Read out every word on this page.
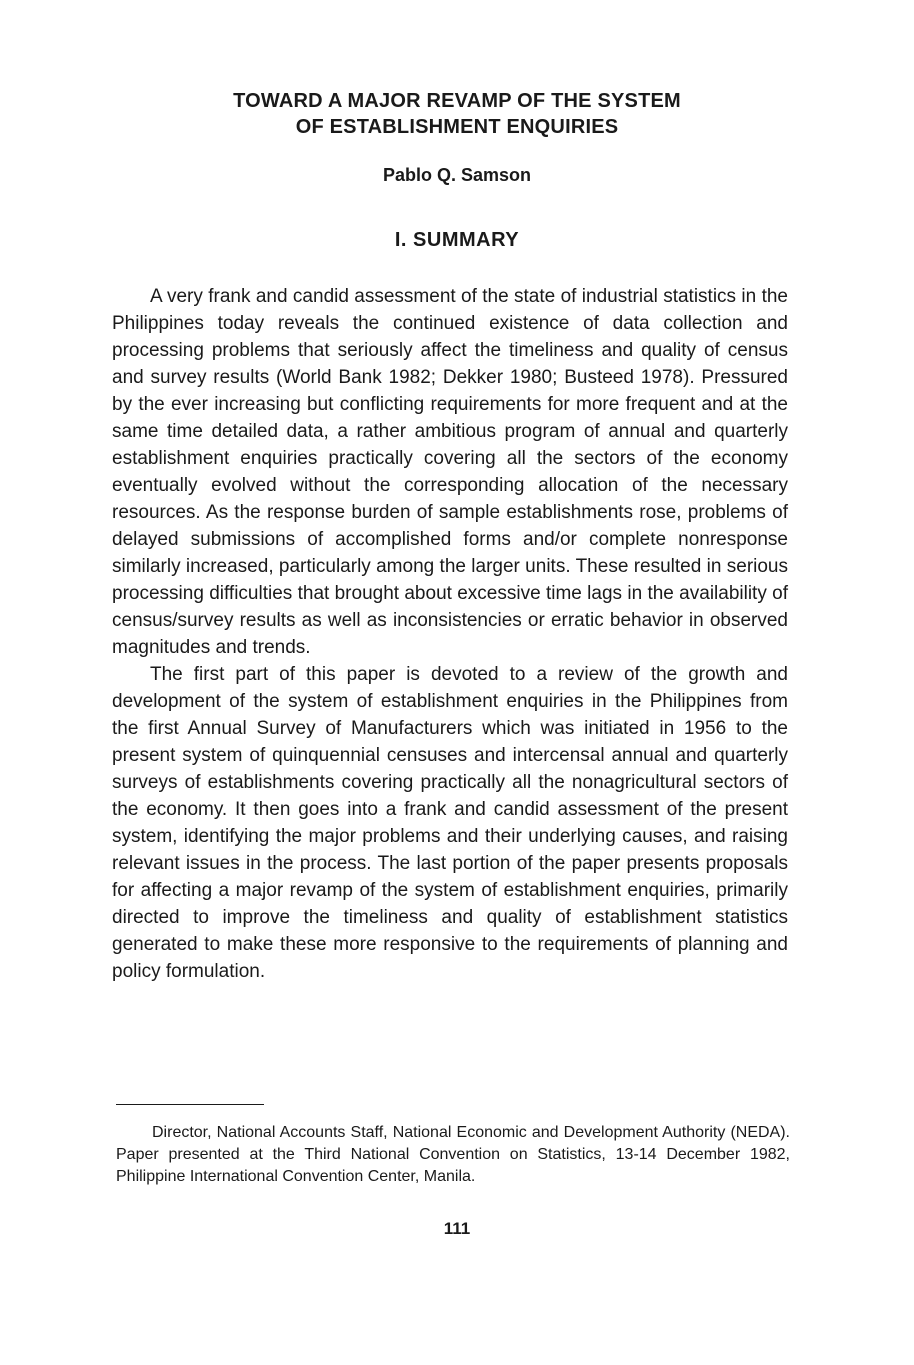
TOWARD A MAJOR REVAMP OF THE SYSTEM
OF ESTABLISHMENT ENQUIRIES
Pablo Q. Samson
I. SUMMARY

A very frank and candid assessment of the state of industrial statistics in the Philippines today reveals the continued existence of data collection and processing problems that seriously affect the timeliness and quality of census and survey results (World Bank 1982; Dekker 1980; Busteed 1978). Pressured by the ever increasing but conflicting requirements for more frequent and at the same time detailed data, a rather ambitious program of annual and quarterly establishment enquiries practically covering all the sectors of the economy eventually evolved without the corresponding allocation of the necessary resources. As the response burden of sample establishments rose, problems of delayed submissions of accomplished forms and/or complete nonresponse similarly increased, particularly among the larger units. These resulted in serious processing difficulties that brought about excessive time lags in the availability of census/survey results as well as inconsistencies or erratic behavior in observed magnitudes and trends.

The first part of this paper is devoted to a review of the growth and development of the system of establishment enquiries in the Philippines from the first Annual Survey of Manufacturers which was initiated in 1956 to the present system of quinquennial censuses and intercensal annual and quarterly surveys of establishments covering practically all the nonagricultural sectors of the economy. It then goes into a frank and candid assessment of the present system, identifying the major problems and their underlying causes, and raising relevant issues in the process. The last portion of the paper presents proposals for affecting a major revamp of the system of establishment enquiries, primarily directed to improve the timeliness and quality of establishment statistics generated to make these more responsive to the requirements of planning and policy formulation.

Director, National Accounts Staff, National Economic and Development Authority (NEDA). Paper presented at the Third National Convention on Statistics, 13-14 December 1982, Philippine International Convention Center, Manila.
111
